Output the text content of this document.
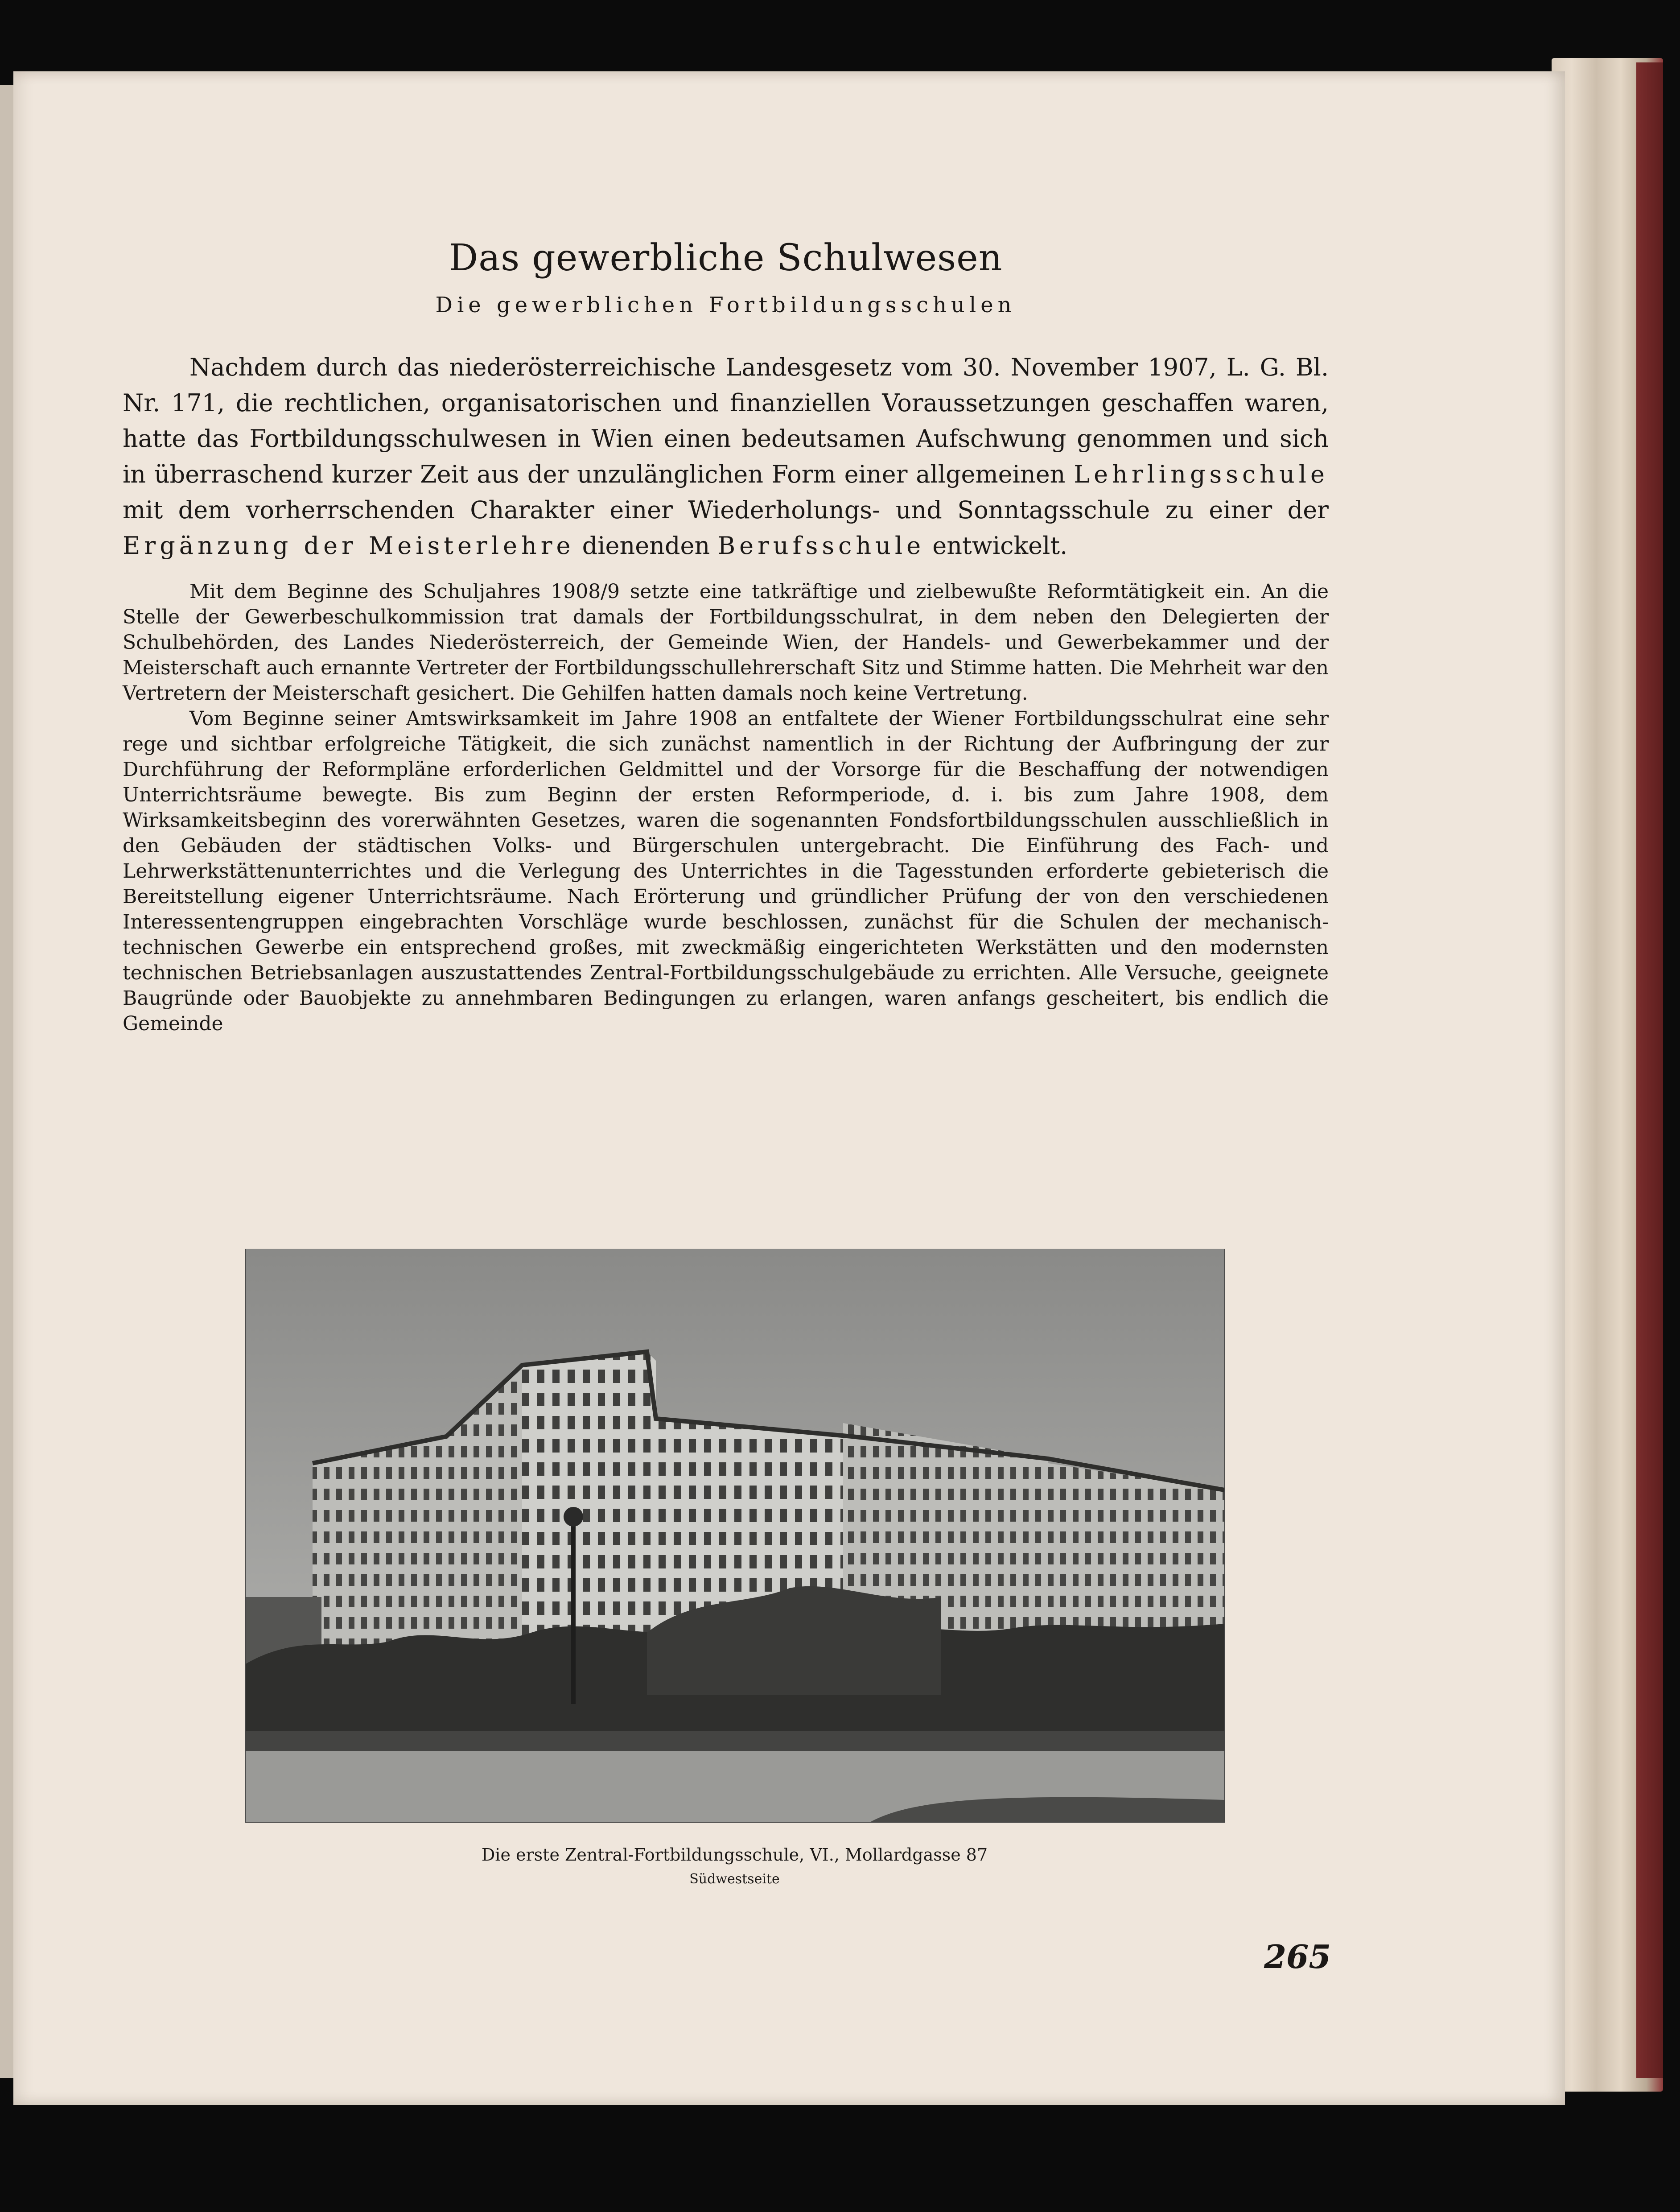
Das gewerbliche Schulwesen
Die gewerblichen Fortbildungsschulen

Nachdem durch das niederösterreichische Landesgesetz vom 30. November 1907, L. G. Bl. Nr. 171, die rechtlichen, organisatorischen und finanziellen Voraussetzungen geschaffen waren, hatte das Fortbildungsschulwesen in Wien einen bedeutsamen Aufschwung genommen und sich in überraschend kurzer Zeit aus der unzulänglichen Form einer allgemeinen Lehrlingsschule mit dem vorherrschenden Charakter einer Wiederholungs- und Sonntagsschule zu einer der Ergänzung der Meisterlehre dienenden Berufsschule entwickelt.

Mit dem Beginne des Schuljahres 1908/9 setzte eine tatkräftige und zielbewußte Reformtätigkeit ein. An die Stelle der Gewerbeschulkommission trat damals der Fortbildungsschulrat, in dem neben den Delegierten der Schulbehörden, des Landes Niederösterreich, der Gemeinde Wien, der Handels- und Gewerbekammer und der Meisterschaft auch ernannte Vertreter der Fortbildungsschullehrerschaft Sitz und Stimme hatten. Die Mehrheit war den Vertretern der Meisterschaft gesichert. Die Gehilfen hatten damals noch keine Vertretung.

Vom Beginne seiner Amtswirksamkeit im Jahre 1908 an entfaltete der Wiener Fortbildungsschulrat eine sehr rege und sichtbar erfolgreiche Tätigkeit, die sich zunächst namentlich in der Richtung der Aufbringung der zur Durchführung der Reformpläne erforderlichen Geldmittel und der Vorsorge für die Beschaffung der notwendigen Unterrichtsräume bewegte. Bis zum Beginn der ersten Reformperiode, d. i. bis zum Jahre 1908, dem Wirksamkeitsbeginn des vorerwähnten Gesetzes, waren die sogenannten Fondsfortbildungsschulen ausschließlich in den Gebäuden der städtischen Volks- und Bürgerschulen untergebracht. Die Einführung des Fach- und Lehrwerkstättenunterrichtes und die Verlegung des Unterrichtes in die Tagesstunden erforderte gebieterisch die Bereitstellung eigener Unterrichtsräume. Nach Erörterung und gründlicher Prüfung der von den verschiedenen Interessentengruppen eingebrachten Vorschläge wurde beschlossen, zunächst für die Schulen der mechanisch-technischen Gewerbe ein entsprechend großes, mit zweckmäßig eingerichteten Werkstätten und den modernsten technischen Betriebsanlagen auszustattendes Zentral-Fortbildungsschulgebäude zu errichten. Alle Versuche, geeignete Baugründe oder Bauobjekte zu annehmbaren Bedingungen zu erlangen, waren anfangs gescheitert, bis endlich die Gemeinde

Die erste Zentral-Fortbildungsschule, VI., Mollardgasse 87
Südwestseite
265
